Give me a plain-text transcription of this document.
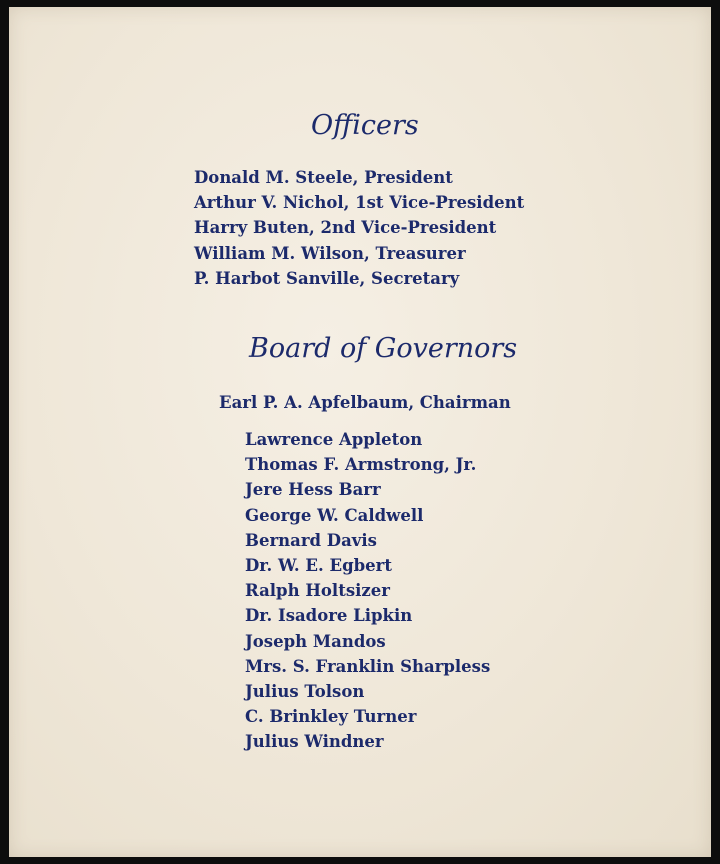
Officers
Donald M. Steele, President
Arthur V. Nichol, 1st Vice-President
Harry Buten, 2nd Vice-President
William M. Wilson, Treasurer
P. Harbot Sanville, Secretary
Board of Governors
Earl P. A. Apfelbaum, Chairman
Lawrence Appleton
Thomas F. Armstrong, Jr.
Jere Hess Barr
George W. Caldwell
Bernard Davis
Dr. W. E. Egbert
Ralph Holtsizer
Dr. Isadore Lipkin
Joseph Mandos
Mrs. S. Franklin Sharpless
Julius Tolson
C. Brinkley Turner
Julius Windner
